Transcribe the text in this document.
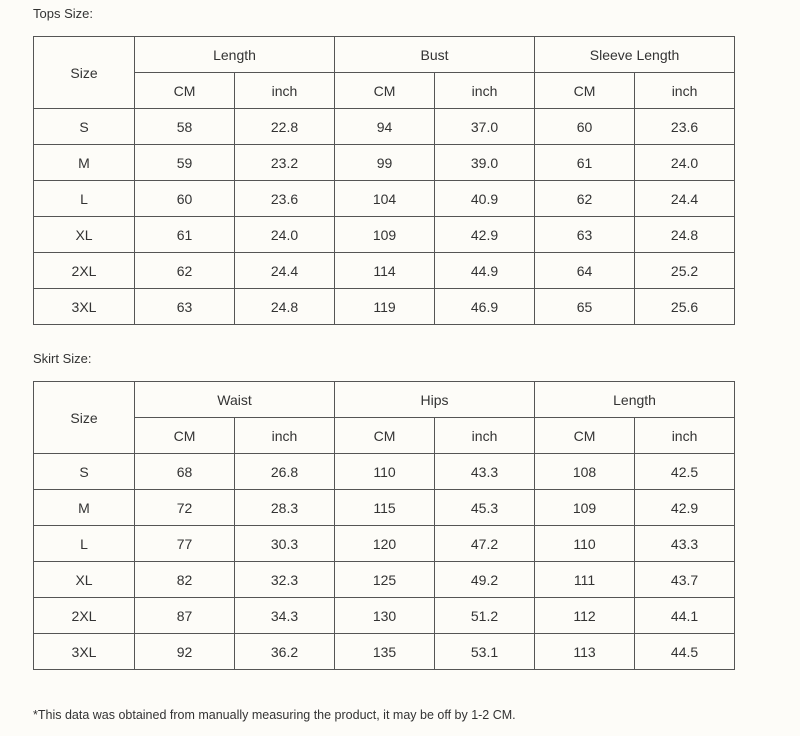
Tops Size:
Size	Length		Bust		Sleeve Length	
	CM	inch	CM	inch	CM	inch
S	58	22.8	94	37.0	60	23.6
M	59	23.2	99	39.0	61	24.0
L	60	23.6	104	40.9	62	24.4
XL	61	24.0	109	42.9	63	24.8
2XL	62	24.4	114	44.9	64	25.2
3XL	63	24.8	119	46.9	65	25.6
Skirt Size:
Size	Waist		Hips		Length	
	CM	inch	CM	inch	CM	inch
S	68	26.8	110	43.3	108	42.5
M	72	28.3	115	45.3	109	42.9
L	77	30.3	120	47.2	110	43.3
XL	82	32.3	125	49.2	111	43.7
2XL	87	34.3	130	51.2	112	44.1
3XL	92	36.2	135	53.1	113	44.5
*This data was obtained from manually measuring the product, it may be off by 1-2 CM.
